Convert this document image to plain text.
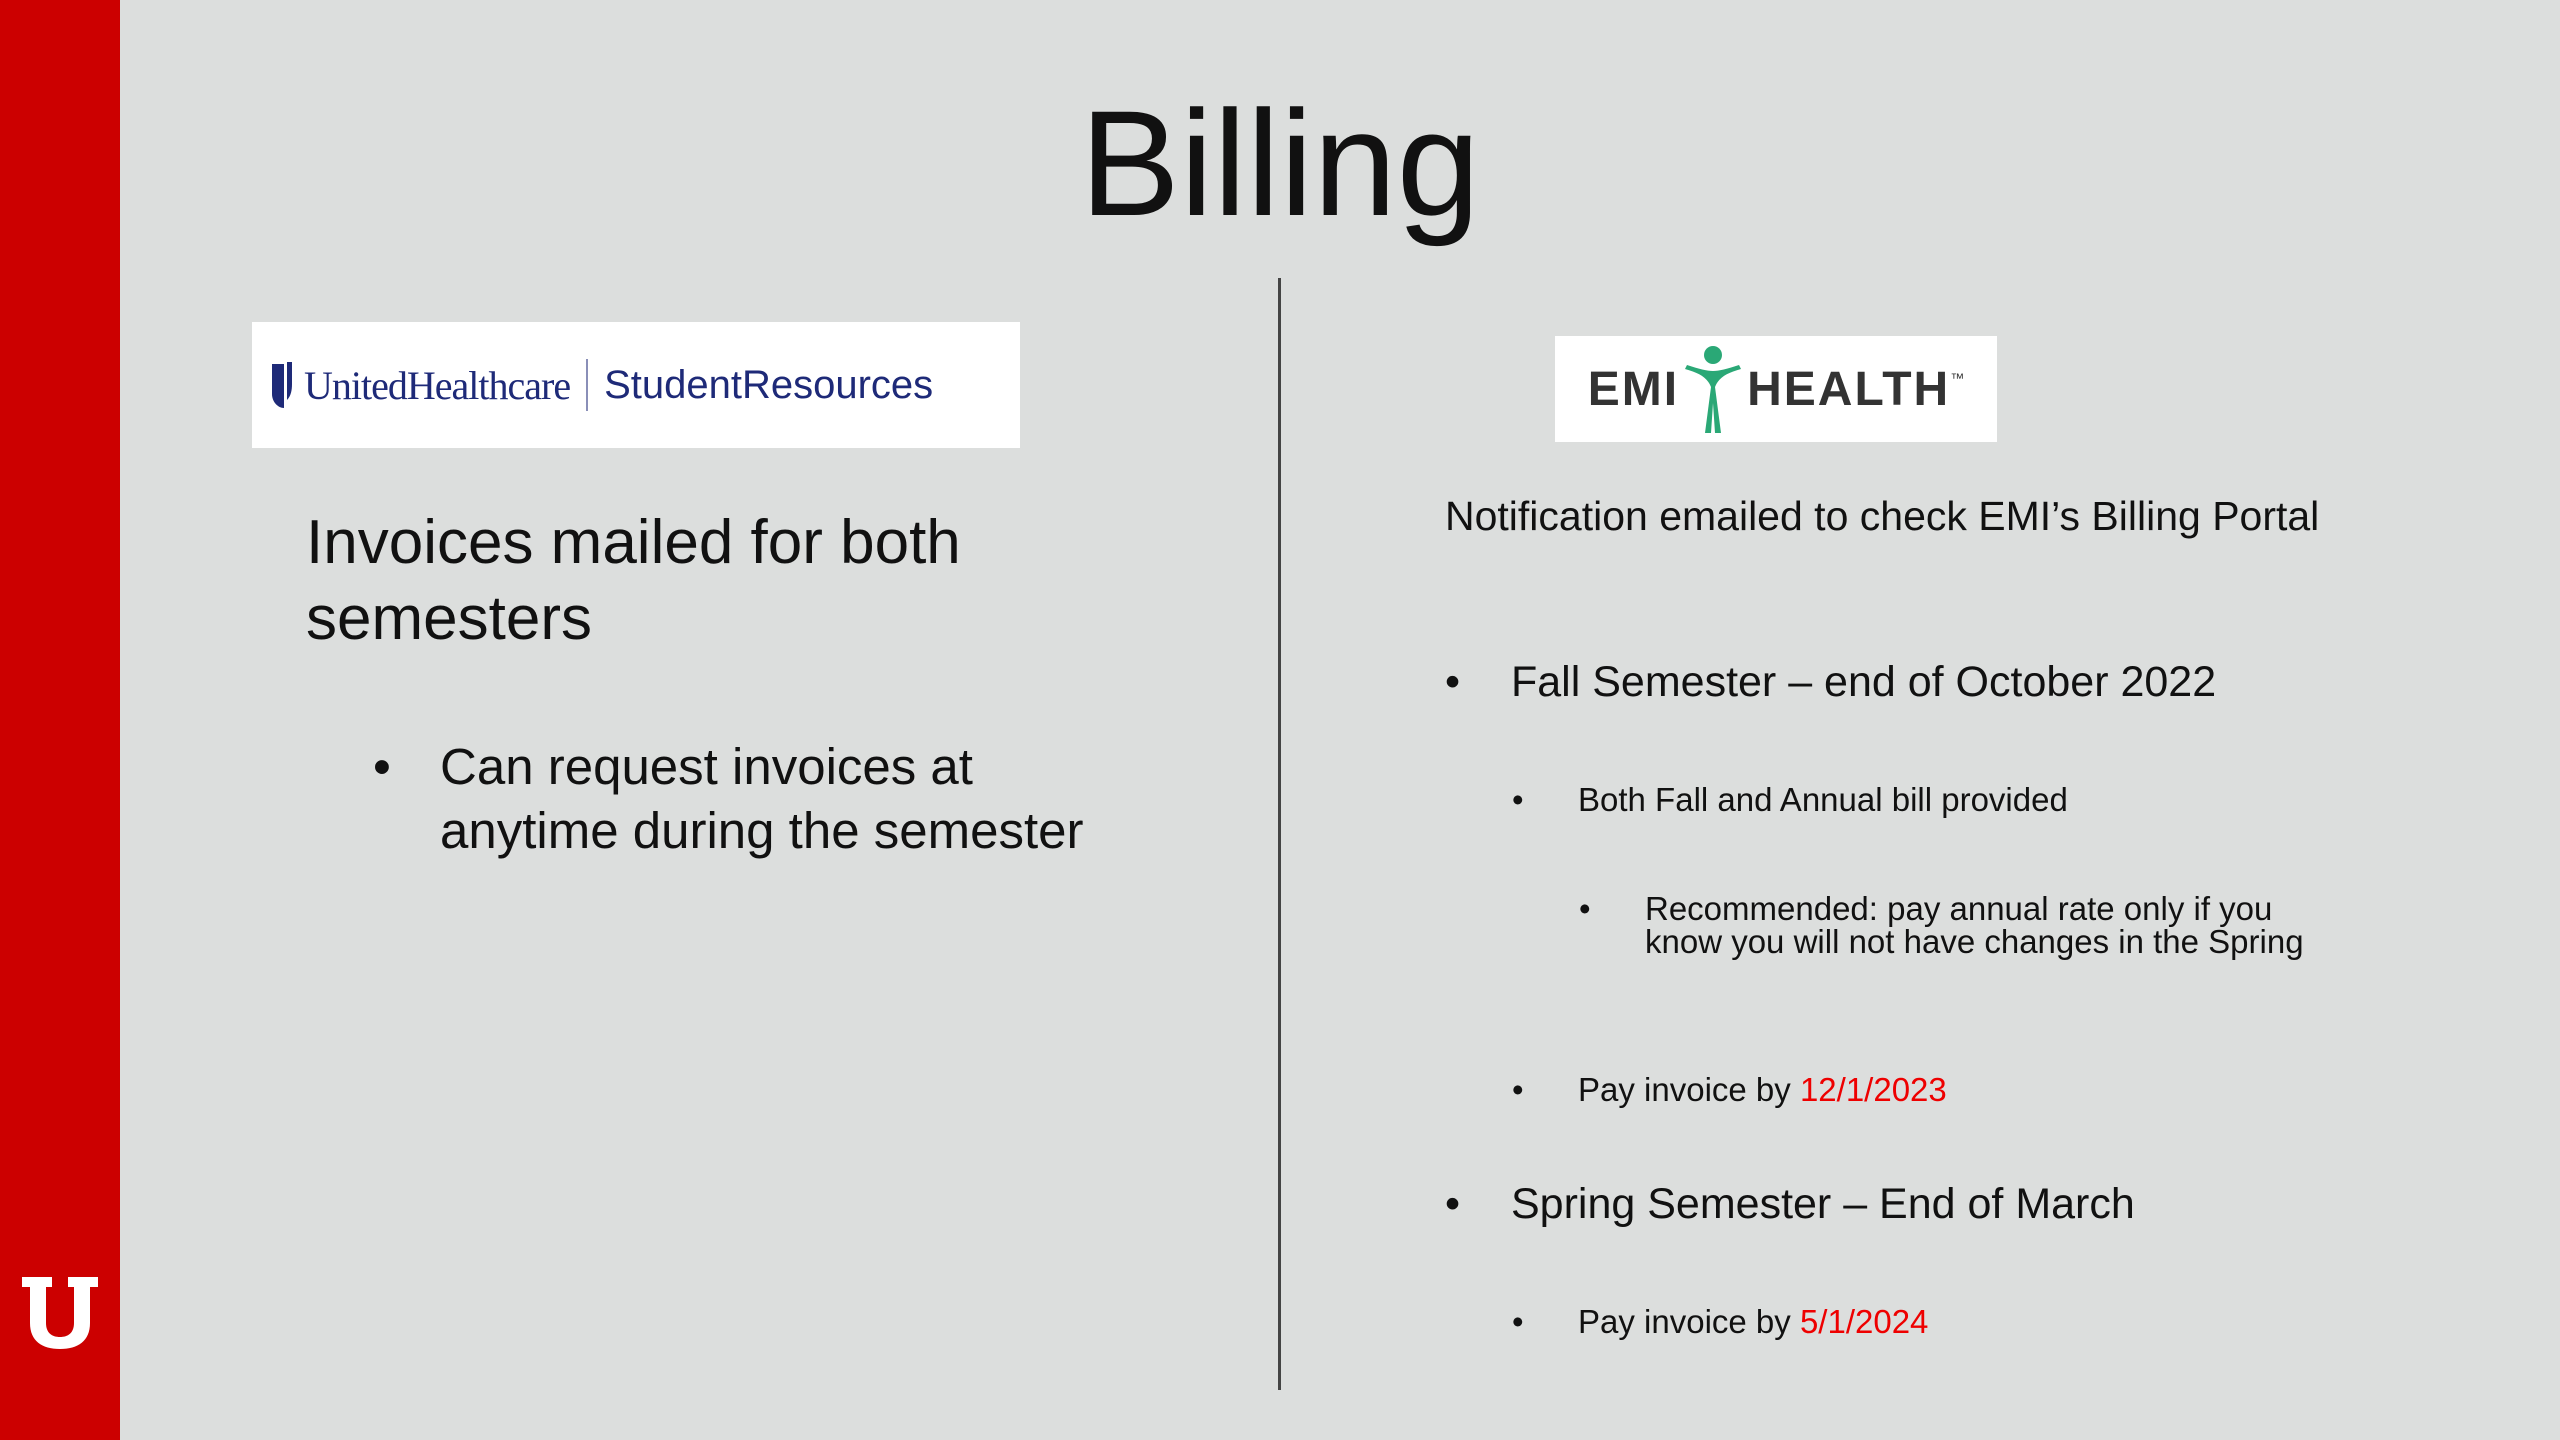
Billing
UnitedHealthcare StudentResources
Invoices mailed for both semesters
• Can request invoices at anytime during the semester
EMI HEALTH ™
Notification emailed to check EMI’s Billing Portal
• Fall Semester – end of October 2022
• Both Fall and Annual bill provided
• Recommended: pay annual rate only if you know you will not have changes in the Spring
• Pay invoice by 12/1/2023
• Spring Semester – End of March
• Pay invoice by 5/1/2024
